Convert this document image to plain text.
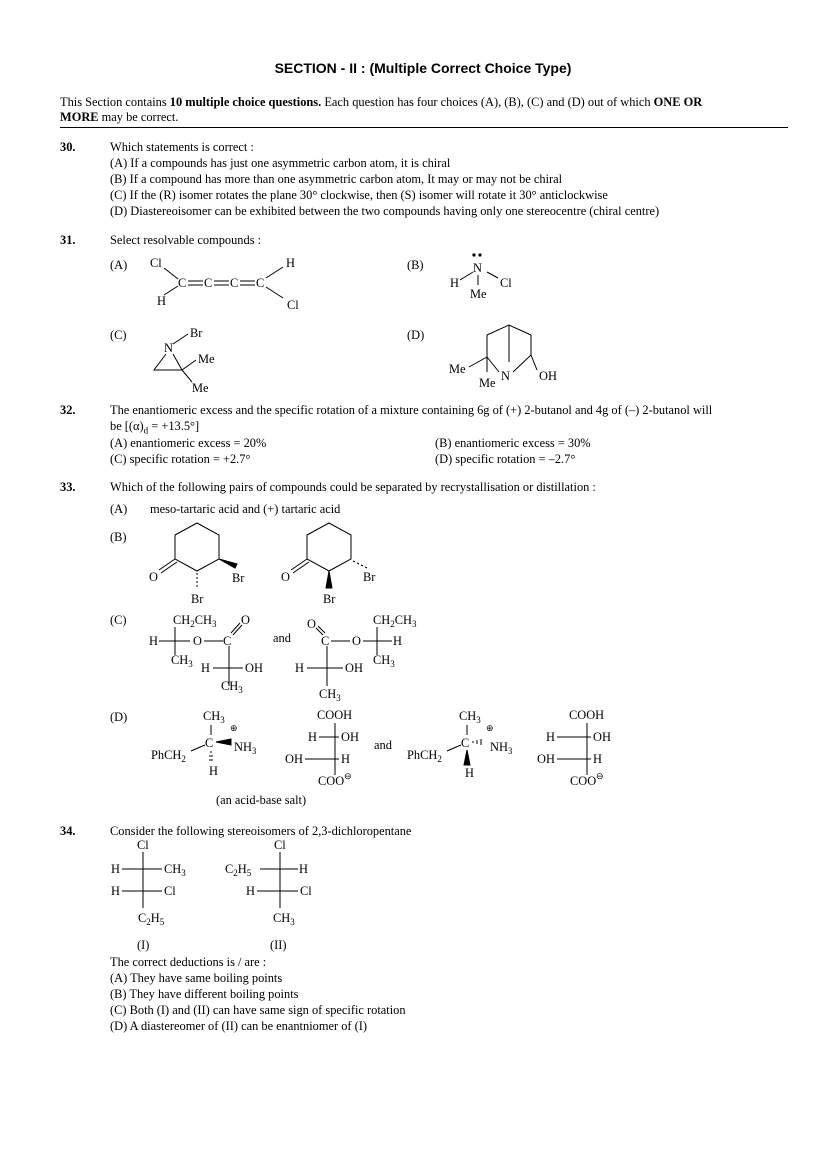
SECTION - II : (Multiple Correct Choice Type)
This Section contains 10 multiple choice questions. Each question has four choices (A), (B), (C) and (D) out of which ONE OR
MORE may be correct.
30.	Which statements is correct :
(A) If a compounds has just one asymmetric carbon atom, it is chiral
(B) If a compound has more than one asymmetric carbon atom, It may or may not be chiral
(C) If the (R) isomer rotates the plane 30° clockwise, then (S) isomer will rotate it 30° anticlockwise
(D) Diastereoisomer can be exhibited between the two compounds having only one stereocentre (chiral centre)
31.	Select resolvable compounds :
(A)	(B)
(C)	(D)
Cl
H
C C C C
H
Cl
N
H	Cl
Me
Br
N
Me
Me
N
Me
Me	OH
32.	The enantiomeric excess and the specific rotation of a mixture containing 6g of (+) 2-butanol and 4g of (–) 2-butanol will
be $[(\alpha)_d = +13.5^\circ]$
(A) enantiomeric excess = 20%	(B) enantiomeric excess = 30%
(C) specific rotation = +2.7°	(D) specific rotation = –2.7°
33.	Which of the following pairs of compounds could be separated by recrystallisation or distillation :
(A) meso-tartaric acid and (+) tartaric acid
(B)
(C)
(D)
O	Br
Br
O	Br
Br
$CH_2CH_3$
H	O C
O
$CH_3$ H	OH
$CH_3$
and
O
C O
$CH_2CH_3$
H
$CH_3$
H	OH
$CH_3$
$CH_3$
C
PhCH$_2$
⊕
$NH_3$
H
COOH
H OH
OH	H
COO ⊖
and
$CH_3$
C
PhCH$_2$
⊕
$NH_3$
H
COOH
H	OH
OH	H
COO ⊖
(an acid-base salt)
34.	Consider the following stereoisomers of 2,3-dichloropentane
Cl
H	$CH_3$
H	Cl
$C_2H_5$
Cl
$C_2H_5$	H
H	Cl
$CH_3$
(I)	(II)
The correct deductions is / are :
(A) They have same boiling points
(B) They have different boiling points
(C) Both (I) and (II) can have same sign of specific rotation
(D) A diastereomer of (II) can be enantniomer of (I)
